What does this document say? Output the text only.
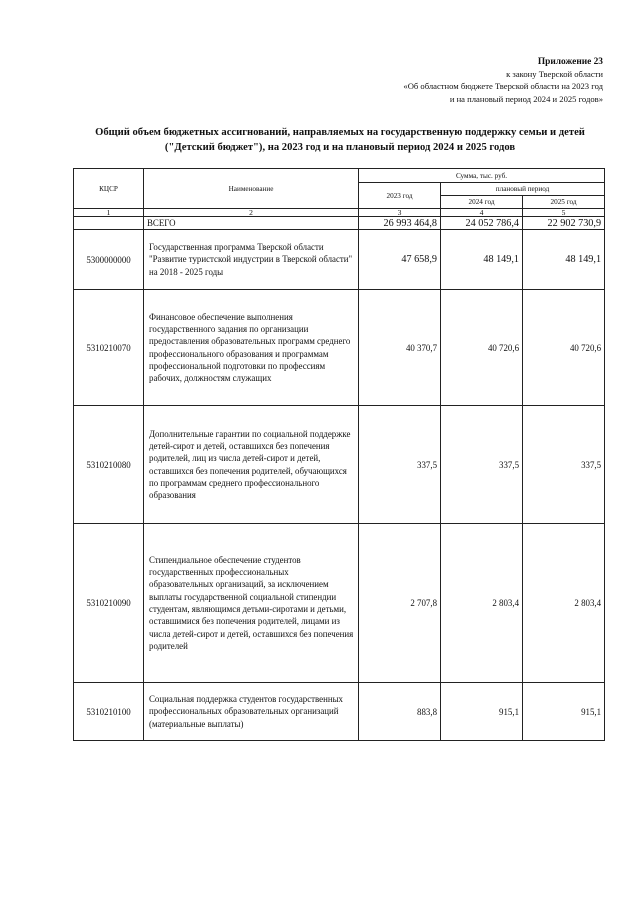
Приложение 23
к закону Тверской области
«Об областном бюджете Тверской области на 2023 год
и на плановый период 2024 и 2025 годов»
Общий объем бюджетных ассигнований, направляемых на государственную поддержку семьи и детей
("Детский бюджет"), на 2023 год и на плановый период 2024 и 2025 годов
КЦСР	Наименование	Сумма, тыс. руб.		
		2023 год	плановый период	
			2024 год	2025 год
1	2	3	4	5
	ВСЕГО	26 993 464,8	24 052 786,4	22 902 730,9
5300000000	Государственная программа Тверской области "Развитие туристской индустрии в Тверской области" на 2018 - 2025 годы	47 658,9	48 149,1	48 149,1
5310210070	Финансовое обеспечение выполнения государственного задания по организации предоставления образовательных программ среднего профессионального образования и программам профессиональной подготовки по профессиям рабочих, должностям служащих	40 370,7	40 720,6	40 720,6
5310210080	Дополнительные гарантии по социальной поддержке детей-сирот и детей, оставшихся без попечения родителей, лиц из числа детей-сирот и детей, оставшихся без попечения родителей, обучающихся по программам среднего профессионального образования	337,5	337,5	337,5
5310210090	Стипендиальное обеспечение студентов государственных профессиональных образовательных организаций, за исключением выплаты государственной социальной стипендии студентам, являющимся детьми-сиротами и детьми, оставшимися без попечения родителей, лицами из числа детей-сирот и детей, оставшихся без попечения родителей	2 707,8	2 803,4	2 803,4
5310210100	Социальная поддержка студентов государственных профессиональных образовательных организаций (материальные выплаты)	883,8	915,1	915,1
